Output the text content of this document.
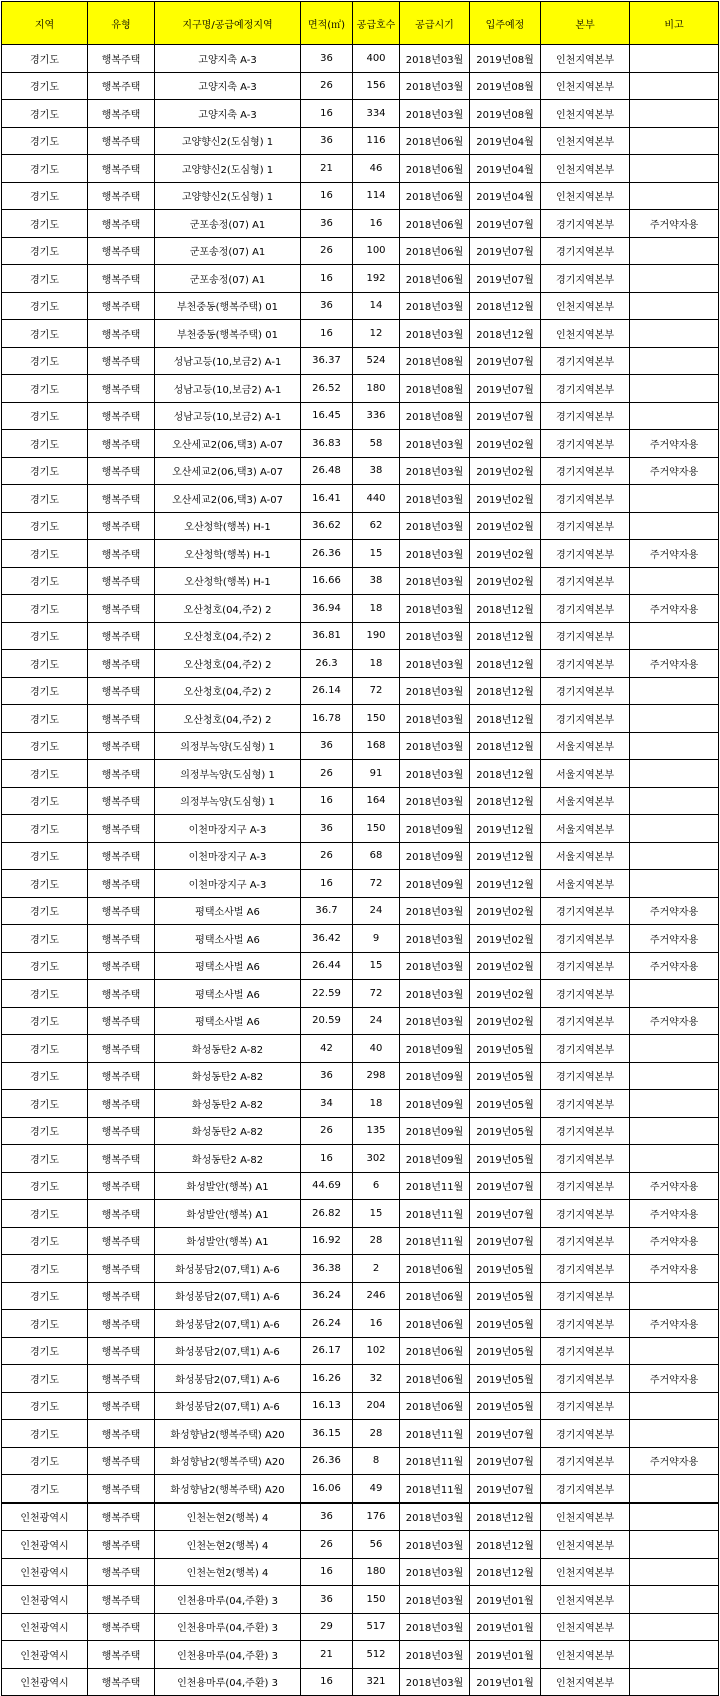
지역	유형	지구명/공급예정지역	면적(㎡)	공급호수	공급시기	입주예정	본부	비고
경기도	행복주택	고양지축 A-3	36	400	2018년03월	2019년08월	인천지역본부	
경기도	행복주택	고양지축 A-3	26	156	2018년03월	2019년08월	인천지역본부	
경기도	행복주택	고양지축 A-3	16	334	2018년03월	2019년08월	인천지역본부	
경기도	행복주택	고양향신2(도심형) 1	36	116	2018년06월	2019년04월	인천지역본부	
경기도	행복주택	고양향신2(도심형) 1	21	46	2018년06월	2019년04월	인천지역본부	
경기도	행복주택	고양향신2(도심형) 1	16	114	2018년06월	2019년04월	인천지역본부	
경기도	행복주택	군포송정(07) A1	36	16	2018년06월	2019년07월	경기지역본부	주거약자용
경기도	행복주택	군포송정(07) A1	26	100	2018년06월	2019년07월	경기지역본부	
경기도	행복주택	군포송정(07) A1	16	192	2018년06월	2019년07월	경기지역본부	
경기도	행복주택	부천중동(행복주택) 01	36	14	2018년03월	2018년12월	인천지역본부	
경기도	행복주택	부천중동(행복주택) 01	16	12	2018년03월	2018년12월	인천지역본부	
경기도	행복주택	성남고등(10,보금2) A-1	36.37	524	2018년08월	2019년07월	경기지역본부	
경기도	행복주택	성남고등(10,보금2) A-1	26.52	180	2018년08월	2019년07월	경기지역본부	
경기도	행복주택	성남고등(10,보금2) A-1	16.45	336	2018년08월	2019년07월	경기지역본부	
경기도	행복주택	오산세교2(06,택3) A-07	36.83	58	2018년03월	2019년02월	경기지역본부	주거약자용
경기도	행복주택	오산세교2(06,택3) A-07	26.48	38	2018년03월	2019년02월	경기지역본부	주거약자용
경기도	행복주택	오산세교2(06,택3) A-07	16.41	440	2018년03월	2019년02월	경기지역본부	
경기도	행복주택	오산청학(행복) H-1	36.62	62	2018년03월	2019년02월	경기지역본부	
경기도	행복주택	오산청학(행복) H-1	26.36	15	2018년03월	2019년02월	경기지역본부	주거약자용
경기도	행복주택	오산청학(행복) H-1	16.66	38	2018년03월	2019년02월	경기지역본부	
경기도	행복주택	오산청호(04,주2) 2	36.94	18	2018년03월	2018년12월	경기지역본부	주거약자용
경기도	행복주택	오산청호(04,주2) 2	36.81	190	2018년03월	2018년12월	경기지역본부	
경기도	행복주택	오산청호(04,주2) 2	26.3	18	2018년03월	2018년12월	경기지역본부	주거약자용
경기도	행복주택	오산청호(04,주2) 2	26.14	72	2018년03월	2018년12월	경기지역본부	
경기도	행복주택	오산청호(04,주2) 2	16.78	150	2018년03월	2018년12월	경기지역본부	
경기도	행복주택	의정부녹양(도심형) 1	36	168	2018년03월	2018년12월	서울지역본부	
경기도	행복주택	의정부녹양(도심형) 1	26	91	2018년03월	2018년12월	서울지역본부	
경기도	행복주택	의정부녹양(도심형) 1	16	164	2018년03월	2018년12월	서울지역본부	
경기도	행복주택	이천마장지구 A-3	36	150	2018년09월	2019년12월	서울지역본부	
경기도	행복주택	이천마장지구 A-3	26	68	2018년09월	2019년12월	서울지역본부	
경기도	행복주택	이천마장지구 A-3	16	72	2018년09월	2019년12월	서울지역본부	
경기도	행복주택	평택소사벌 A6	36.7	24	2018년03월	2019년02월	경기지역본부	주거약자용
경기도	행복주택	평택소사벌 A6	36.42	9	2018년03월	2019년02월	경기지역본부	주거약자용
경기도	행복주택	평택소사벌 A6	26.44	15	2018년03월	2019년02월	경기지역본부	주거약자용
경기도	행복주택	평택소사벌 A6	22.59	72	2018년03월	2019년02월	경기지역본부	
경기도	행복주택	평택소사벌 A6	20.59	24	2018년03월	2019년02월	경기지역본부	주거약자용
경기도	행복주택	화성동탄2 A-82	42	40	2018년09월	2019년05월	경기지역본부	
경기도	행복주택	화성동탄2 A-82	36	298	2018년09월	2019년05월	경기지역본부	
경기도	행복주택	화성동탄2 A-82	34	18	2018년09월	2019년05월	경기지역본부	
경기도	행복주택	화성동탄2 A-82	26	135	2018년09월	2019년05월	경기지역본부	
경기도	행복주택	화성동탄2 A-82	16	302	2018년09월	2019년05월	경기지역본부	
경기도	행복주택	화성발안(행복) A1	44.69	6	2018년11월	2019년07월	경기지역본부	주거약자용
경기도	행복주택	화성발안(행복) A1	26.82	15	2018년11월	2019년07월	경기지역본부	주거약자용
경기도	행복주택	화성발안(행복) A1	16.92	28	2018년11월	2019년07월	경기지역본부	주거약자용
경기도	행복주택	화성봉담2(07,택1) A-6	36.38	2	2018년06월	2019년05월	경기지역본부	주거약자용
경기도	행복주택	화성봉담2(07,택1) A-6	36.24	246	2018년06월	2019년05월	경기지역본부	
경기도	행복주택	화성봉담2(07,택1) A-6	26.24	16	2018년06월	2019년05월	경기지역본부	주거약자용
경기도	행복주택	화성봉담2(07,택1) A-6	26.17	102	2018년06월	2019년05월	경기지역본부	
경기도	행복주택	화성봉담2(07,택1) A-6	16.26	32	2018년06월	2019년05월	경기지역본부	주거약자용
경기도	행복주택	화성봉담2(07,택1) A-6	16.13	204	2018년06월	2019년05월	경기지역본부	
경기도	행복주택	화성향남2(행복주택) A20	36.15	28	2018년11월	2019년07월	경기지역본부	
경기도	행복주택	화성향남2(행복주택) A20	26.36	8	2018년11월	2019년07월	경기지역본부	주거약자용
경기도	행복주택	화성향남2(행복주택) A20	16.06	49	2018년11월	2019년07월	경기지역본부	
인천광역시	행복주택	인천논현2(행복) 4	36	176	2018년03월	2018년12월	인천지역본부	
인천광역시	행복주택	인천논현2(행복) 4	26	56	2018년03월	2018년12월	인천지역본부	
인천광역시	행복주택	인천논현2(행복) 4	16	180	2018년03월	2018년12월	인천지역본부	
인천광역시	행복주택	인천용마루(04,주환) 3	36	150	2018년03월	2019년01월	인천지역본부	
인천광역시	행복주택	인천용마루(04,주환) 3	29	517	2018년03월	2019년01월	인천지역본부	
인천광역시	행복주택	인천용마루(04,주환) 3	21	512	2018년03월	2019년01월	인천지역본부	
인천광역시	행복주택	인천용마루(04,주환) 3	16	321	2018년03월	2019년01월	인천지역본부	
